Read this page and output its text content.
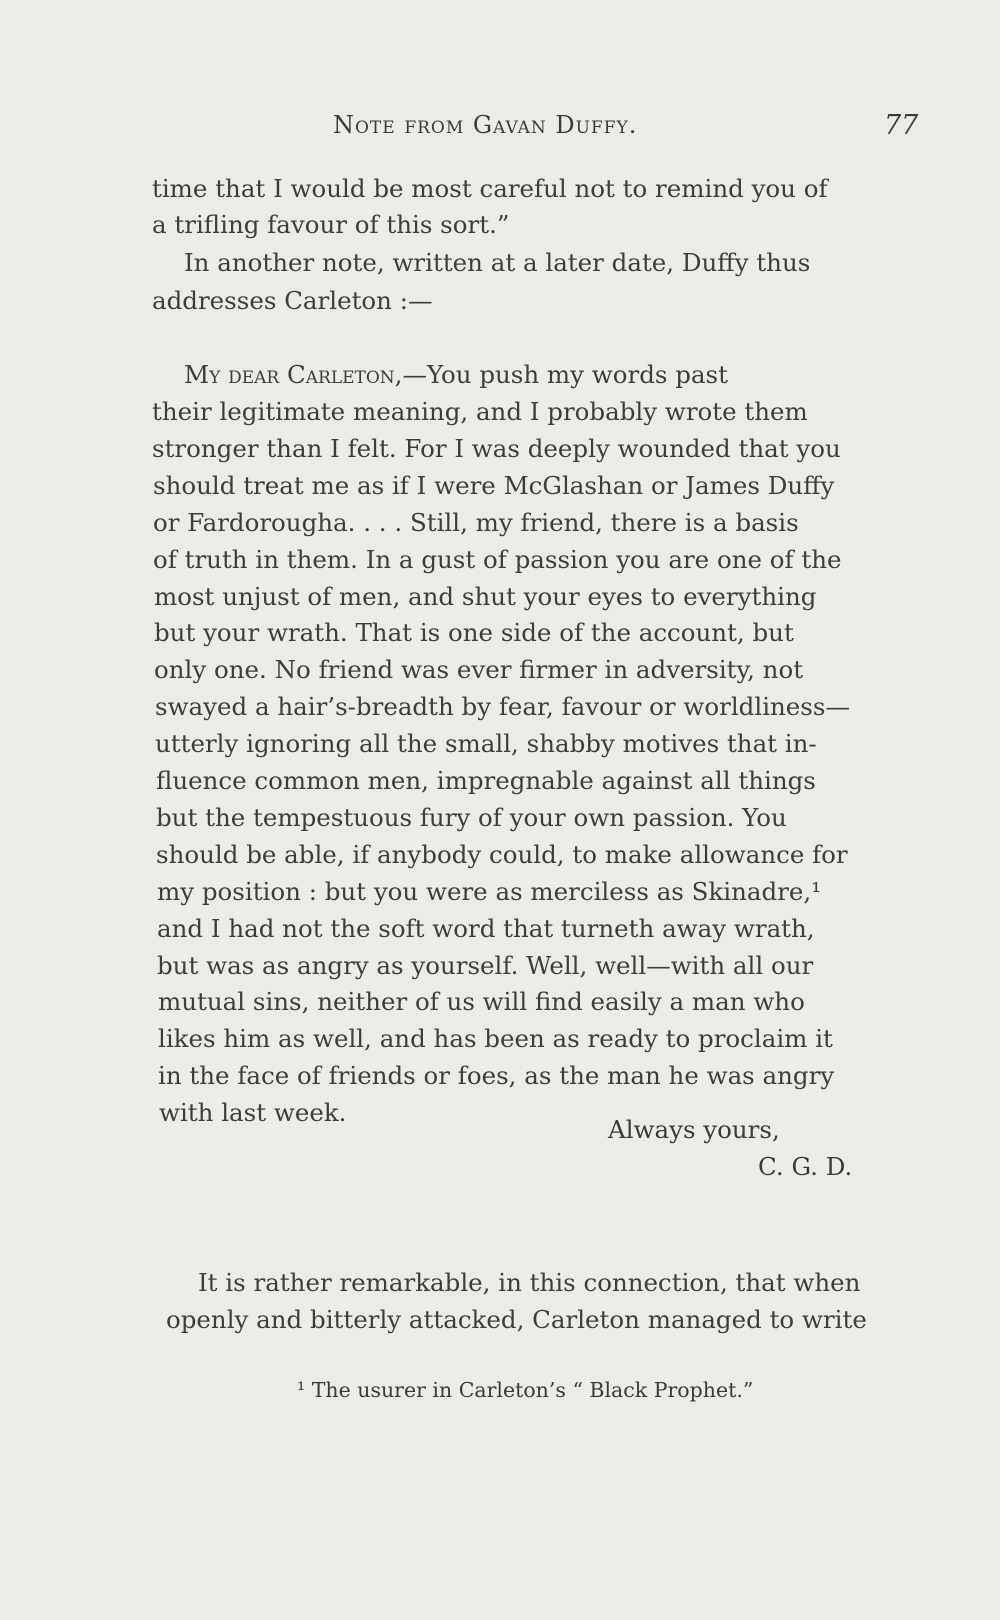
Note from Gavan Duffy.	77
time that I would be most careful not to remind you of
a trifling favour of this sort.”
In another note, written at a later date, Duffy thus
addresses Carleton :—
My dear Carleton,—You push my words past
their legitimate meaning, and I probably wrote them
stronger than I felt. For I was deeply wounded that you
should treat me as if I were McGlashan or James Duffy
or Fardorougha. . . . Still, my friend, there is a basis
of truth in them. In a gust of passion you are one of the
most unjust of men, and shut your eyes to everything
but your wrath. That is one side of the account, but
only one. No friend was ever firmer in adversity, not
swayed a hair’s-breadth by fear, favour or worldliness—
utterly ignoring all the small, shabby motives that in-
fluence common men, impregnable against all things
but the tempestuous fury of your own passion. You
should be able, if anybody could, to make allowance for
my position : but you were as merciless as Skinadre,¹
and I had not the soft word that turneth away wrath,
but was as angry as yourself. Well, well—with all our
mutual sins, neither of us will find easily a man who
likes him as well, and has been as ready to proclaim it
in the face of friends or foes, as the man he was angry
with last week.
Always yours,
C. G. D.
It is rather remarkable, in this connection, that when
openly and bitterly attacked, Carleton managed to write
¹ The usurer in Carleton’s “ Black Prophet.”
